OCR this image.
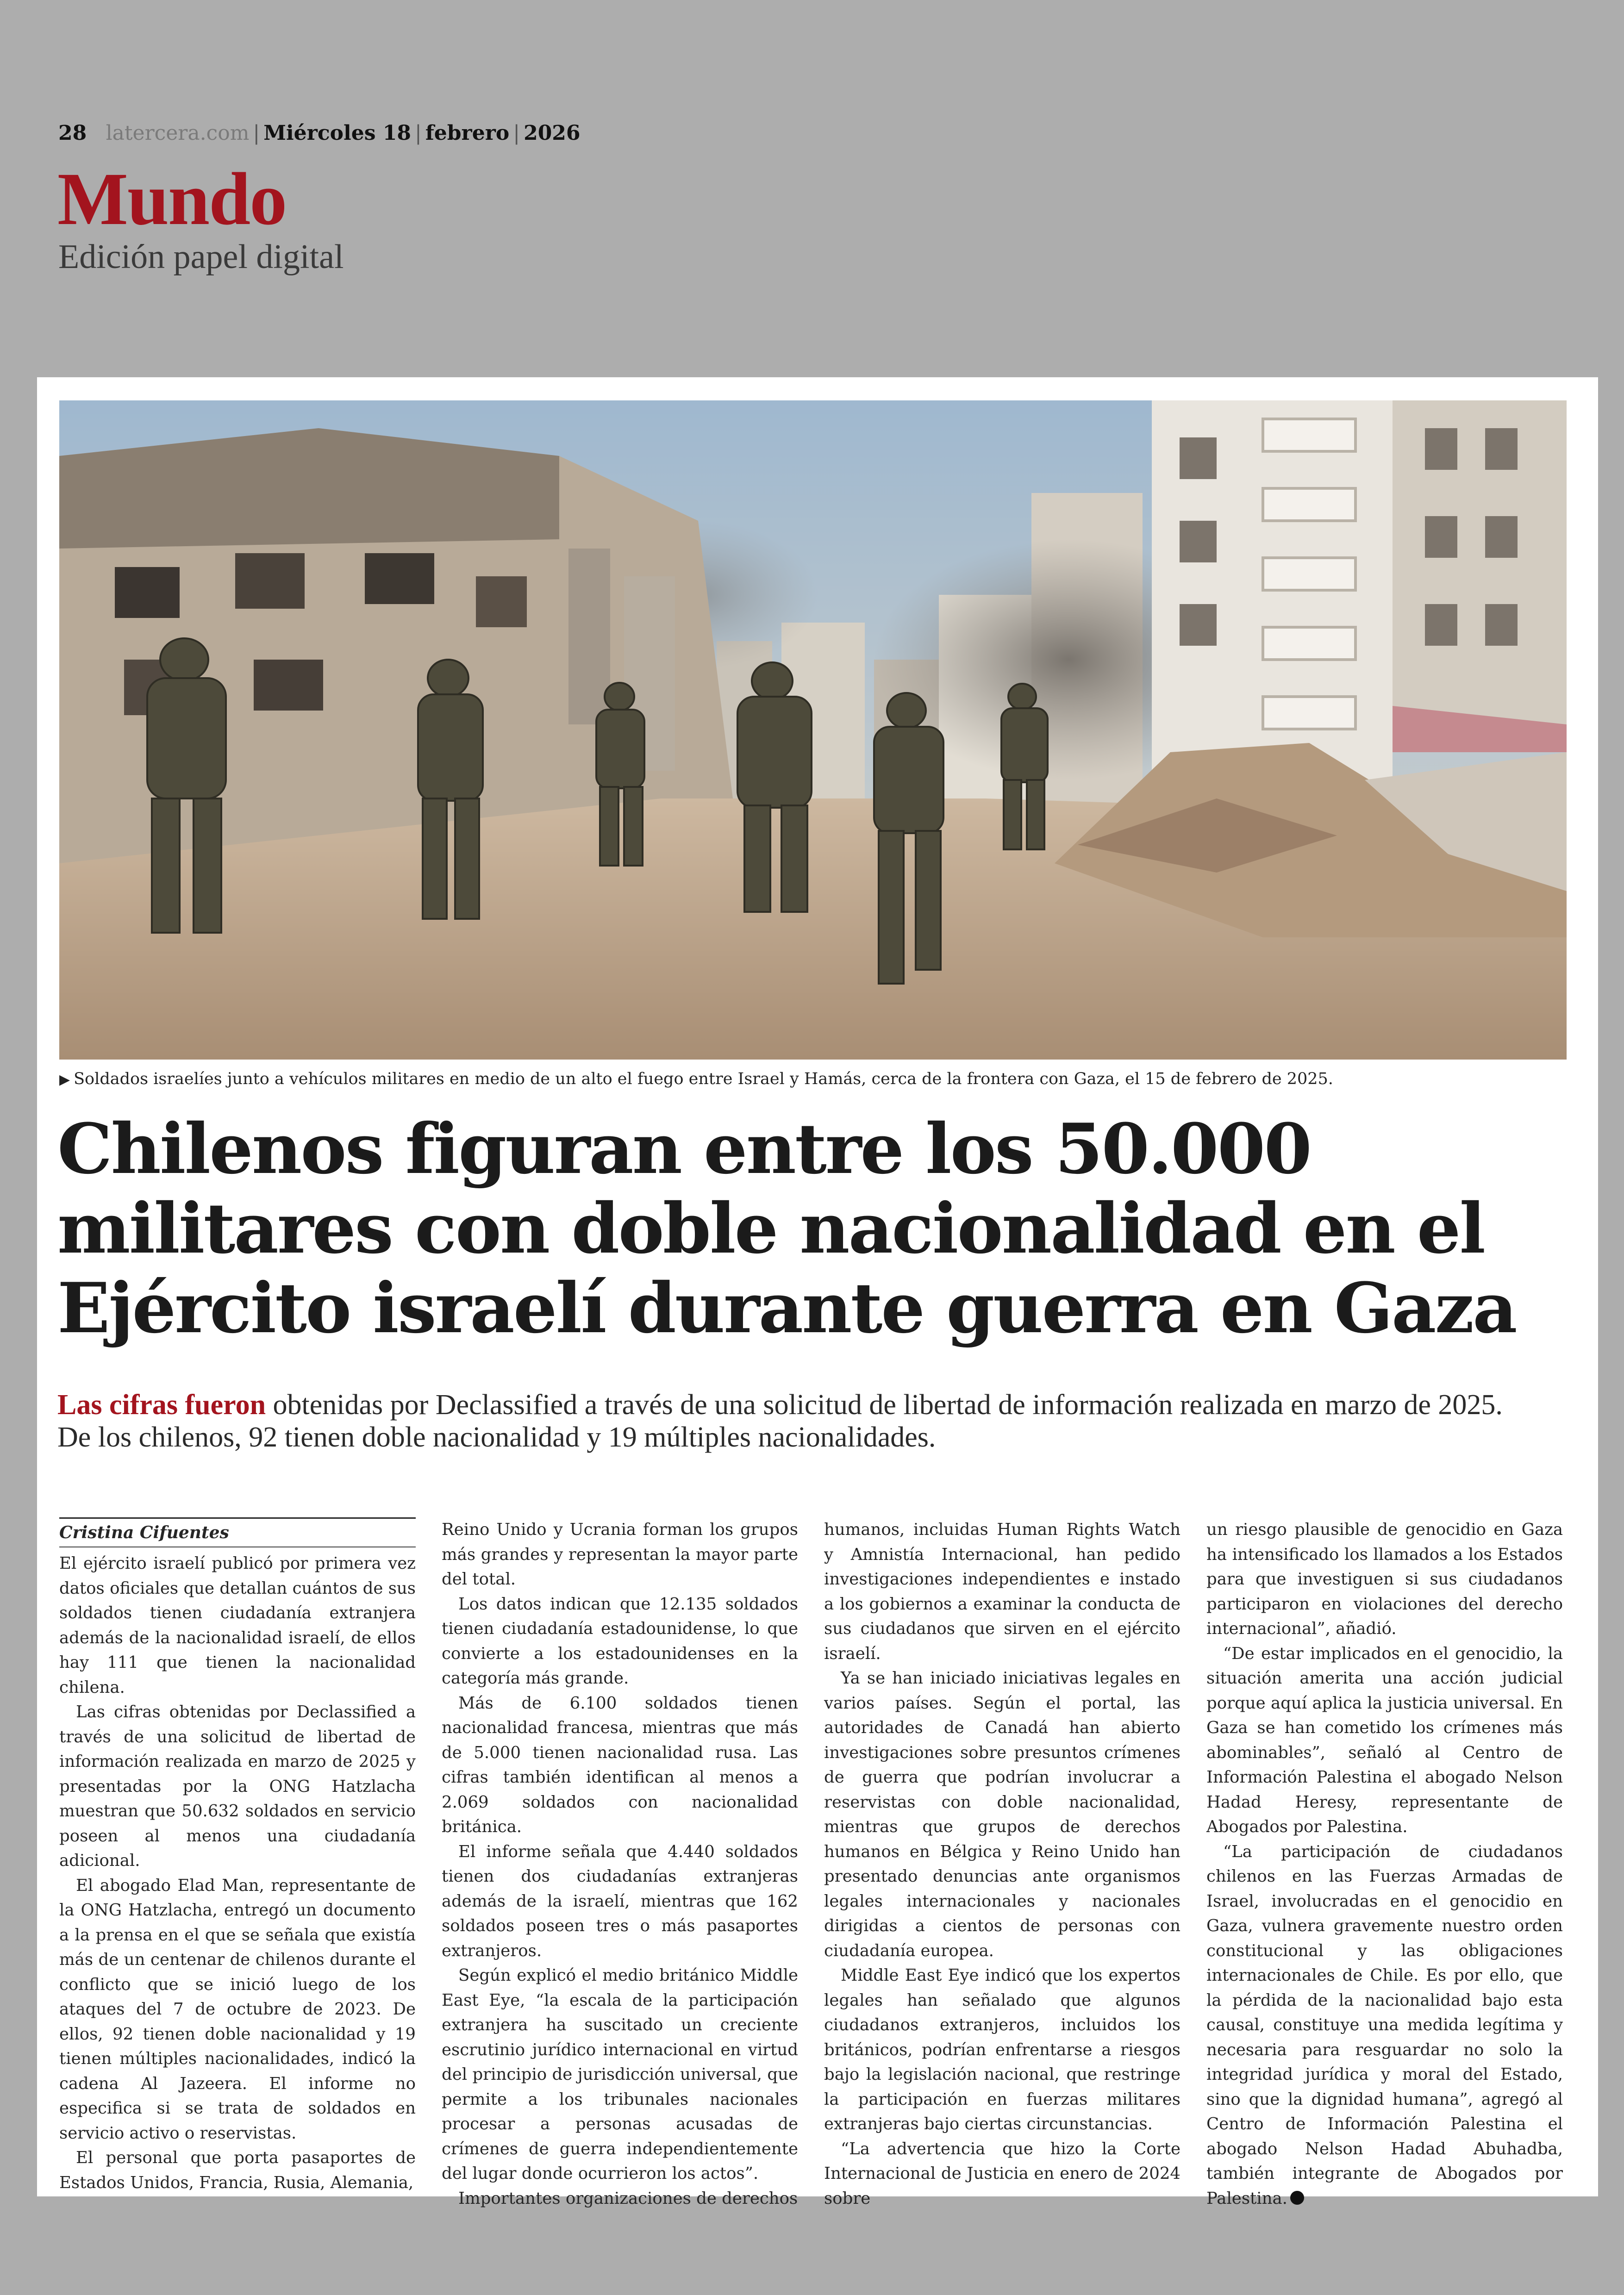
28 latercera.com | Miércoles 18 | febrero | 2026
Mundo
Edición papel digital
▶ Soldados israelíes junto a vehículos militares en medio de un alto el fuego entre Israel y Hamás, cerca de la frontera con Gaza, el 15 de febrero de 2025.
Chilenos figuran entre los 50.000
militares con doble nacionalidad en el
Ejército israelí durante guerra en Gaza
Las cifras fueron obtenidas por Declassified a través de una solicitud de libertad de información realizada en marzo de 2025.
De los chilenos, 92 tienen doble nacionalidad y 19 múltiples nacionalidades.
Cristina Cifuentes

El ejército israelí publicó por primera vez datos oficiales que detallan cuántos de sus soldados tienen ciudadanía extranjera además de la nacionalidad israelí, de ellos hay 111 que tienen la nacionalidad chilena.

Las cifras obtenidas por Declassified a través de una solicitud de libertad de información realizada en marzo de 2025 y presentadas por la ONG Hatzlacha muestran que 50.632 soldados en servicio poseen al menos una ciudadanía adicional.

El abogado Elad Man, representante de la ONG Hatzlacha, entregó un documento a la prensa en el que se señala que existía más de un centenar de chilenos durante el conflicto que se inició luego de los ataques del 7 de octubre de 2023. De ellos, 92 tienen doble nacionalidad y 19 tienen múltiples nacionalidades, indicó la cadena Al Jazeera. El informe no especifica si se trata de soldados en servicio activo o reservistas.

El personal que porta pasaportes de Estados Unidos, Francia, Rusia, Alemania,

Reino Unido y Ucrania forman los grupos más grandes y representan la mayor parte del total.

Los datos indican que 12.135 soldados tienen ciudadanía estadounidense, lo que convierte a los estadounidenses en la categoría más grande.

Más de 6.100 soldados tienen nacionalidad francesa, mientras que más de 5.000 tienen nacionalidad rusa. Las cifras también identifican al menos a 2.069 soldados con nacionalidad británica.

El informe señala que 4.440 soldados tienen dos ciudadanías extranjeras además de la israelí, mientras que 162 soldados poseen tres o más pasaportes extranjeros.

Según explicó el medio británico Middle East Eye, “la escala de la participación extranjera ha suscitado un creciente escrutinio jurídico internacional en virtud del principio de jurisdicción universal, que permite a los tribunales nacionales procesar a personas acusadas de crímenes de guerra independientemente del lugar donde ocurrieron los actos”.

Importantes organizaciones de derechos

humanos, incluidas Human Rights Watch y Amnistía Internacional, han pedido investigaciones independientes e instado a los gobiernos a examinar la conducta de sus ciudadanos que sirven en el ejército israelí.

Ya se han iniciado iniciativas legales en varios países. Según el portal, las autoridades de Canadá han abierto investigaciones sobre presuntos crímenes de guerra que podrían involucrar a reservistas con doble nacionalidad, mientras que grupos de derechos humanos en Bélgica y Reino Unido han presentado denuncias ante organismos legales internacionales y nacionales dirigidas a cientos de personas con ciudadanía europea.

Middle East Eye indicó que los expertos legales han señalado que algunos ciudadanos extranjeros, incluidos los británicos, podrían enfrentarse a riesgos bajo la legislación nacional, que restringe la participación en fuerzas militares extranjeras bajo ciertas circunstancias.

“La advertencia que hizo la Corte Internacional de Justicia en enero de 2024 sobre

un riesgo plausible de genocidio en Gaza ha intensificado los llamados a los Estados para que investiguen si sus ciudadanos participaron en violaciones del derecho internacional”, añadió.

“De estar implicados en el genocidio, la situación amerita una acción judicial porque aquí aplica la justicia universal. En Gaza se han cometido los crímenes más abominables”, señaló al Centro de Información Palestina el abogado Nelson Hadad Heresy, representante de Abogados por Palestina.

“La participación de ciudadanos chilenos en las Fuerzas Armadas de Israel, involucradas en el genocidio en Gaza, vulnera gravemente nuestro orden constitucional y las obligaciones internacionales de Chile. Es por ello, que la pérdida de la nacionalidad bajo esta causal, constituye una medida legítima y necesaria para resguardar no solo la integridad jurídica y moral del Estado, sino que la dignidad humana”, agregó al Centro de Información Palestina el abogado Nelson Hadad Abuhadba, también integrante de Abogados por Palestina.
